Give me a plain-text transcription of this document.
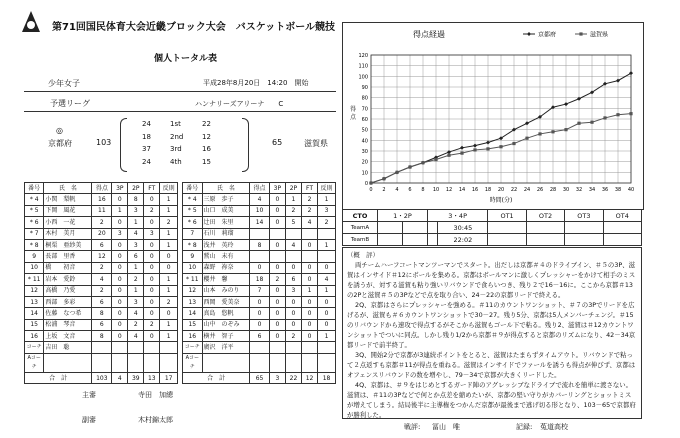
第71回国民体育大会近畿ブロック大会　バスケットボール競技
個人トータル表
少年女子	平成28年8月20日　14:20　開始
予選リーグ	ハンナリーズアリーナ　　C
◎
京都府	103	65	滋賀県
24	1st	22
18	2nd	12
37	3rd	16
24	4th	15
番号	氏　名	得点	3P	2P	FT	反則
* 4	小関　梨帆	16	0	8	0	1
* 5	下岡　風花	11	1	3	2	1
* 6	小西　一花	2	0	1	0	2
* 7	木村　美月	20	3	4	3	1
* 8	桐栗　亜紗美	6	0	3	0	1
9	長部　里香	12	0	6	0	0
10	橋　　初音	2	0	1	0	0
* 11	岩本　愛鈴	4	0	2	0	1
12	高橋　乃愛	2	0	1	0	1
13	西部　多彩	6	0	3	0	2
14	佐藤　なつ希	8	0	4	0	0
15	松浦　琴音	6	0	2	2	1
16	上坂　文音	8	0	4	0	1
コーチ	吉田　聡					
Aコーチ						
合　計		103	4	39	13	17
番号	氏　名	得点	3P	2P	FT	反則
* 4	三原　歩子	4	0	1	2	1
* 5	山口　成美	10	0	2	2	3
* 6	辻田　朱里	14	0	5	4	2
7	石川　莉瑠					
* 8	浅井　英玲	8	0	4	0	1
9	鷲山　未有					
10	森野　祢奈	0	0	0	0	0
* 11	櫻井　馨	18	2	6	0	4
12	山本　みのり	7	0	3	1	1
13	西岡　愛美奈	0	0	0	0	0
14	真島　悠帆	0	0	0	0	0
15	山中　のぞみ	0	0	0	0	0
16	横井　智子	6	0	2	0	1
コーチ	廣沢　洋平					
Aコーチ						
合　計		65	3	22	12	18
主審	寺田　加總
副審	木村錦太郎
得点経過
0
10
20
30
40
50
60
70
80
90
100
110
120
0 2 4 6 8 10 12 14 16 18 20 22 24 26 28 30 32 34 36 38 40
時間(分)
得
点
京都府	滋賀県
CTO	1・2P		3・4P		OT1	OT2	OT3	OT4
TeamA				30:45				
TeamB				22:02				
（概　評）
両チームハーフコートマンツーマンでスタート。出だしは京都＃４のドライブイン、＃５の3P、滋賀はインサイド＃12にボールを集める。京都はボールマンに激しくプレッシャーをかけて相手のミスを誘うが、対する滋賀も粘り強いリバウンドで食らいつき、残り２で16－16に。ここから京都＃13の2Pと滋賀＃５の3Pなどで点を取り合い、24－22の京都リードで終える。
2Q、京都はさらにプレッシャーを強める。＃11のカウントワンショット、＃７の3Pでリードを広げるが、滋賀も＃６カウントワンショットで30－27。残り5分、京都は5人メンバーチェンジ。＃15のリバウンドから速攻で得点するがそこから滋賀もゴール下で粘る。残り2、滋賀は＃12カウントワンショットでついに同点。しかし残り1/2から京都＃９が得点すると京都のリズムになり、42－34京都リードで前半終了。
3Q、開始2分で京都が3連続ポイントをとると、滋賀はたまらずタイムアウト。リバウンドで粘って２点返すも京都＃11が得点を重ねる。滋賀はインサイドでファールを誘うも得点が伸びず、京都はオフェンスリバウンドの数を増やし、79－34で京都が大きくリードした。
4Q、京都は、＃９をはじめとするガード陣のアグレッシブなドライブで流れを簡単に渡さない。滋賀は、＃11の3Pなどで何とか点差を縮めたいが、京都の堅い守りがカバーリングとショットミスが増えてしまう。結局後半に主導権をつかんだ京都が最後まで逃げ切る形となり、103－65で京都府が勝利した。
戦評: 冨山　唯	記録: 菟道高校
